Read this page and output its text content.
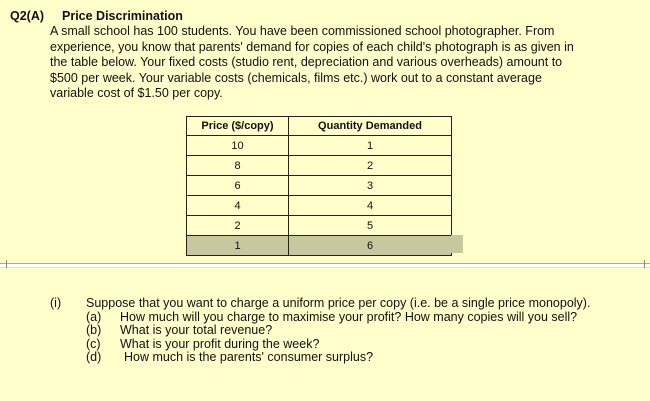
Q2(A) Price Discrimination
A small school has 100 students. You have been commissioned school photographer. From
experience, you know that parents' demand for copies of each child's photograph is as given in
the table below. Your fixed costs (studio rent, depreciation and various overheads) amount to
$500 per week. Your variable costs (chemicals, films etc.) work out to a constant average
variable cost of $1.50 per copy.
Price ($/copy)	Quantity Demanded
10	1
8	2
6	3
4	4
2	5
1	6
(i)	Suppose that you want to charge a uniform price per copy (i.e. be a single price monopoly).
(a)	How much will you charge to maximise your profit? How many copies will you sell?
(b)	What is your total revenue?
(c)	What is your profit during the week?
(d)	How much is the parents' consumer surplus?
